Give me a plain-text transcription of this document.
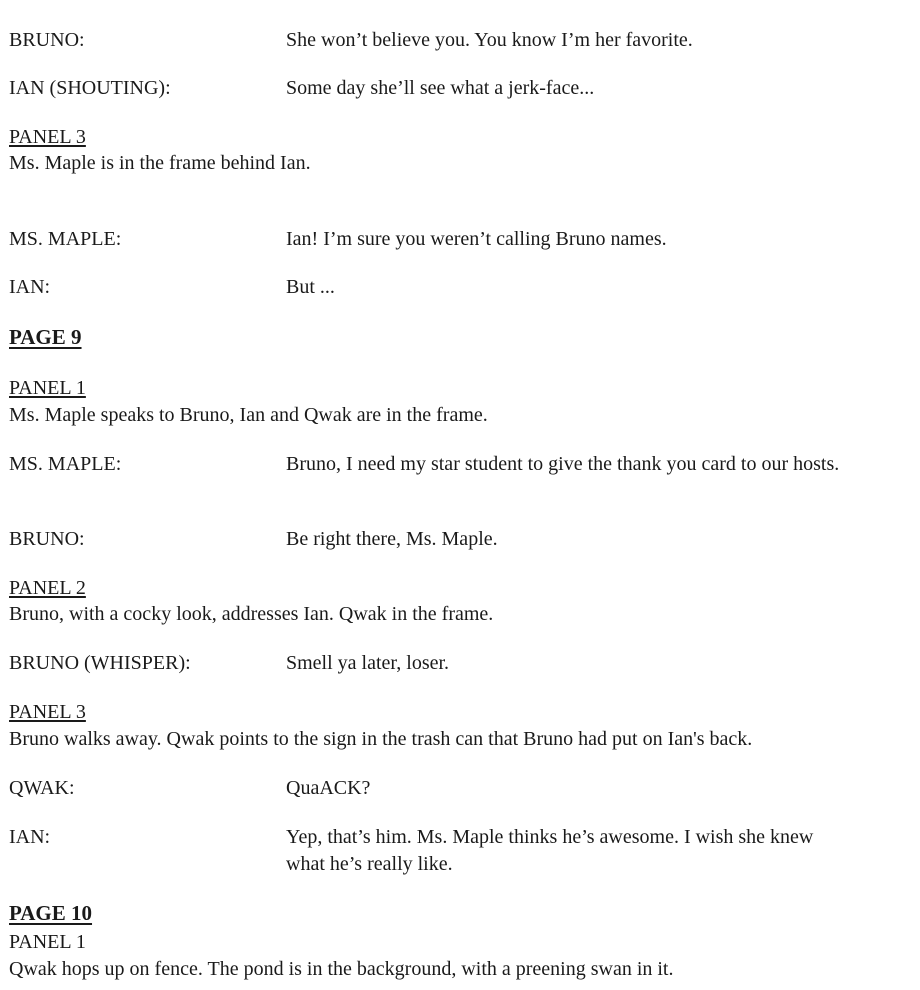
BRUNO:	She won’t believe you. You know I’m her favorite.
IAN (SHOUTING):	Some day she’ll see what a jerk-face...
PANEL 3
Ms. Maple is in the frame behind Ian.
MS. MAPLE:	Ian! I’m sure you weren’t calling Bruno names.
IAN:	But ...
PAGE 9
PANEL 1
Ms. Maple speaks to Bruno, Ian and Qwak are in the frame.
MS. MAPLE:	Bruno, I need my star student to give the thank you card to our hosts.
BRUNO:	Be right there, Ms. Maple.
PANEL 2
Bruno, with a cocky look, addresses Ian. Qwak in the frame.
BRUNO (WHISPER):	Smell ya later, loser.
PANEL 3
Bruno walks away. Qwak points to the sign in the trash can that Bruno had put on Ian's back.
QWAK:	QuaACK?
IAN:	Yep, that’s him. Ms. Maple thinks he’s awesome. I wish she knew what he’s really like.
PAGE 10
PANEL 1
Qwak hops up on fence. The pond is in the background, with a preening swan in it.
